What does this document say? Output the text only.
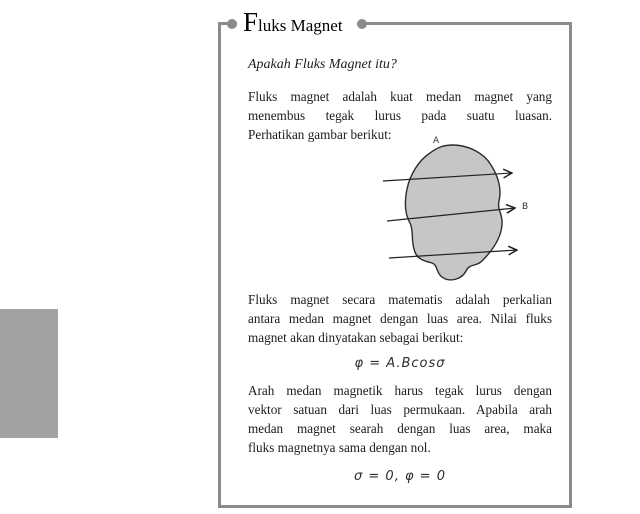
Fluks Magnet
Apakah Fluks Magnet itu?
Fluks magnet adalah kuat medan magnet yang
menembus tegak lurus pada suatu luasan.
Perhatikan gambar berikut:	A
B
Fluks magnet secara matematis adalah perkalian
antara medan magnet dengan luas area. Nilai fluks
magnet akan dinyatakan sebagai berikut:
φ = A.Bcosσ
Arah medan magnetik harus tegak lurus dengan
vektor satuan dari luas permukaan. Apabila arah
medan magnet searah dengan luas area, maka
fluks magnetnya sama dengan nol.
σ = 0, φ = 0
